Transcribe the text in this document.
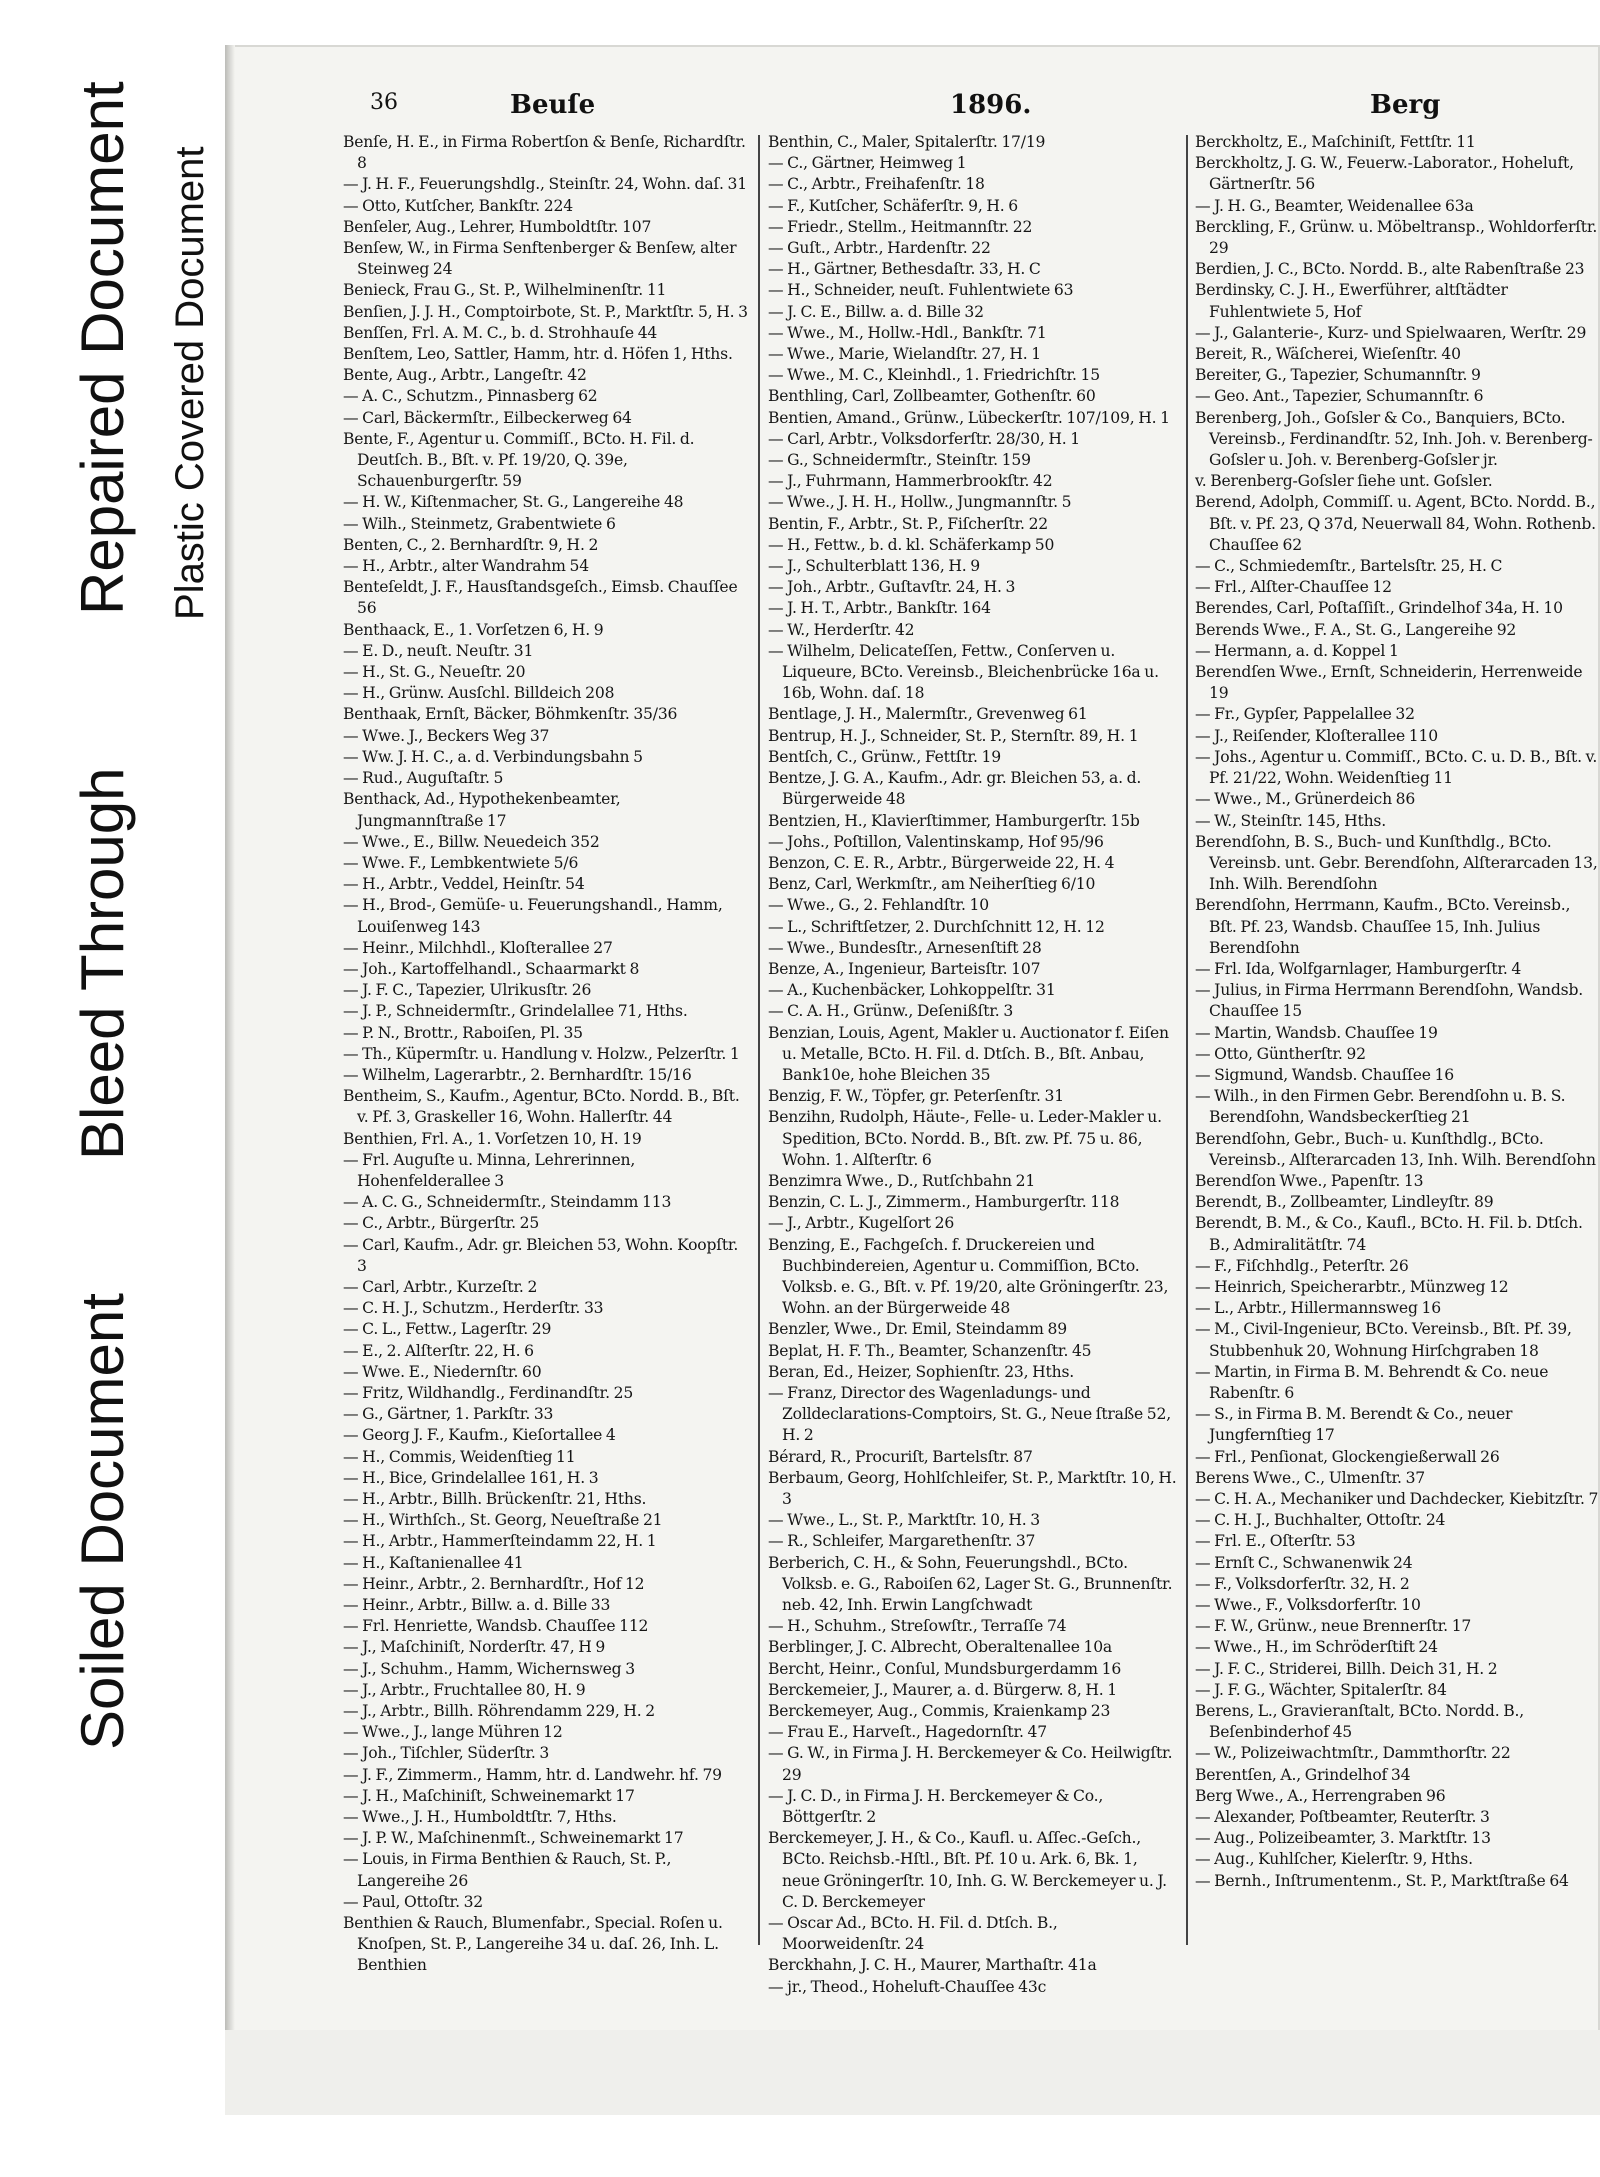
Repaired Document Plastic Covered Document
Bleed Through
Soiled Document
36	Beuſe	1896.	Berg
Benſe, H. E., in Firma Robertſon & Benſe, Richardſtr. 8
— J. H. F., Feuerungshdlg., Steinſtr. 24, Wohn. daſ. 31
— Otto, Kutſcher, Bankſtr. 224
Benſeler, Aug., Lehrer, Humboldtſtr. 107
Benſew, W., in Firma Senftenberger & Benſew, alter Steinweg 24
Benieck, Frau G., St. P., Wilhelminenſtr. 11
Benſien, J. J. H., Comptoirbote, St. P., Marktſtr. 5, H. 3
Benſſen, Frl. A. M. C., b. d. Strohhauſe 44
Benſtem, Leo, Sattler, Hamm, htr. d. Höfen 1, Hths.
Bente, Aug., Arbtr., Langeſtr. 42
— A. C., Schutzm., Pinnasberg 62
— Carl, Bäckermſtr., Eilbeckerweg 64
Bente, F., Agentur u. Commiſſ., BCto. H. Fil. d. Deutſch. B., Bſt. v. Pf. 19/20, Q. 39e, Schauenburgerſtr. 59
— H. W., Kiſtenmacher, St. G., Langereihe 48
— Wilh., Steinmetz, Grabentwiete 6
Benten, C., 2. Bernhardſtr. 9, H. 2
— H., Arbtr., alter Wandrahm 54
Benteſeldt, J. F., Hausſtandsgeſch., Eimsb. Chauſſee 56
Benthaack, E., 1. Vorſetzen 6, H. 9
— E. D., neuſt. Neuſtr. 31
— H., St. G., Neueſtr. 20
— H., Grünw. Ausſchl. Billdeich 208
Benthaak, Ernſt, Bäcker, Böhmkenſtr. 35/36
— Wwe. J., Beckers Weg 37
— Ww. J. H. C., a. d. Verbindungsbahn 5
— Rud., Auguſtaſtr. 5
Benthack, Ad., Hypothekenbeamter, Jungmannſtraße 17
— Wwe., E., Billw. Neuedeich 352
— Wwe. F., Lembkentwiete 5/6
— H., Arbtr., Veddel, Heinſtr. 54
— H., Brod-, Gemüſe- u. Feuerungshandl., Hamm, Louiſenweg 143
— Heinr., Milchhdl., Kloſterallee 27
— Joh., Kartoffelhandl., Schaarmarkt 8
— J. F. C., Tapezier, Ulrikusſtr. 26
— J. P., Schneidermſtr., Grindelallee 71, Hths.
— P. N., Brottr., Raboiſen, Pl. 35
— Th., Küpermſtr. u. Handlung v. Holzw., Pelzerſtr. 1
— Wilhelm, Lagerarbtr., 2. Bernhardſtr. 15/16
Bentheim, S., Kaufm., Agentur, BCto. Nordd. B., Bſt. v. Pf. 3, Graskeller 16, Wohn. Hallerſtr. 44
Benthien, Frl. A., 1. Vorſetzen 10, H. 19
— Frl. Auguſte u. Minna, Lehrerinnen, Hohenfelderallee 3
— A. C. G., Schneidermſtr., Steindamm 113
— C., Arbtr., Bürgerſtr. 25
— Carl, Kaufm., Adr. gr. Bleichen 53, Wohn. Koopſtr. 3
— Carl, Arbtr., Kurzeſtr. 2
— C. H. J., Schutzm., Herderſtr. 33
— C. L., Fettw., Lagerſtr. 29
— E., 2. Alſterſtr. 22, H. 6
— Wwe. E., Niedernſtr. 60
— Fritz, Wildhandlg., Ferdinandſtr. 25
— G., Gärtner, 1. Parkſtr. 33
— Georg J. F., Kaufm., Kieſortallee 4
— H., Commis, Weidenſtieg 11
— H., Bice, Grindelallee 161, H. 3
— H., Arbtr., Billh. Brückenſtr. 21, Hths.
— H., Wirthſch., St. Georg, Neueſtraße 21
— H., Arbtr., Hammerſteindamm 22, H. 1
— H., Kaſtanienallee 41
— Heinr., Arbtr., 2. Bernhardſtr., Hof 12
— Heinr., Arbtr., Billw. a. d. Bille 33
— Frl. Henriette, Wandsb. Chauſſee 112
— J., Maſchiniſt, Norderſtr. 47, H 9
— J., Schuhm., Hamm, Wichernsweg 3
— J., Arbtr., Fruchtallee 80, H. 9
— J., Arbtr., Billh. Röhrendamm 229, H. 2
— Wwe., J., lange Mühren 12
— Joh., Tiſchler, Süderſtr. 3
— J. F., Zimmerm., Hamm, htr. d. Landwehr. hf. 79
— J. H., Maſchiniſt, Schweinemarkt 17
— Wwe., J. H., Humboldtſtr. 7, Hths.
— J. P. W., Maſchinenmſt., Schweinemarkt 17
— Louis, in Firma Benthien & Rauch, St. P., Langereihe 26
— Paul, Ottoſtr. 32
Benthien & Rauch, Blumenfabr., Special. Roſen u. Knoſpen, St. P., Langereihe 34 u. daſ. 26, Inh. L. Benthien
Benthin, C., Maler, Spitalerſtr. 17/19
— C., Gärtner, Heimweg 1
— C., Arbtr., Freihafenſtr. 18
— F., Kutſcher, Schäferſtr. 9, H. 6
— Friedr., Stellm., Heitmannſtr. 22
— Guſt., Arbtr., Hardenſtr. 22
— H., Gärtner, Bethesdaſtr. 33, H. C
— H., Schneider, neuſt. Fuhlentwiete 63
— J. C. E., Billw. a. d. Bille 32
— Wwe., M., Hollw.-Hdl., Bankſtr. 71
— Wwe., Marie, Wielandſtr. 27, H. 1
— Wwe., M. C., Kleinhdl., 1. Friedrichſtr. 15
Benthling, Carl, Zollbeamter, Gothenſtr. 60
Bentien, Amand., Grünw., Lübeckerſtr. 107/109, H. 1
— Carl, Arbtr., Volksdorferſtr. 28/30, H. 1
— G., Schneidermſtr., Steinſtr. 159
— J., Fuhrmann, Hammerbrookſtr. 42
— Wwe., J. H. H., Hollw., Jungmannſtr. 5
Bentin, F., Arbtr., St. P., Fiſcherſtr. 22
— H., Fettw., b. d. kl. Schäferkamp 50
— J., Schulterblatt 136, H. 9
— Joh., Arbtr., Guſtavſtr. 24, H. 3
— J. H. T., Arbtr., Bankſtr. 164
— W., Herderſtr. 42
— Wilhelm, Delicateſſen, Fettw., Conſerven u. Liqueure, BCto. Vereinsb., Bleichenbrücke 16a u. 16b, Wohn. daſ. 18
Bentlage, J. H., Malermſtr., Grevenweg 61
Bentrup, H. J., Schneider, St. P., Sternſtr. 89, H. 1
Bentſch, C., Grünw., Fettſtr. 19
Bentze, J. G. A., Kaufm., Adr. gr. Bleichen 53, a. d. Bürgerweide 48
Bentzien, H., Klavierſtimmer, Hamburgerſtr. 15b
— Johs., Poſtillon, Valentinskamp, Hof 95/96
Benzon, C. E. R., Arbtr., Bürgerweide 22, H. 4
Benz, Carl, Werkmſtr., am Neiherſtieg 6/10
— Wwe., G., 2. Fehlandſtr. 10
— L., Schriftſetzer, 2. Durchſchnitt 12, H. 12
— Wwe., Bundesſtr., Arnesenſtift 28
Benze, A., Ingenieur, Barteisſtr. 107
— A., Kuchenbäcker, Lohkoppelſtr. 31
— C. A. H., Grünw., Deſenißſtr. 3
Benzian, Louis, Agent, Makler u. Auctionator f. Eiſen u. Metalle, BCto. H. Fil. d. Dtſch. B., Bſt. Anbau, Bank10e, hohe Bleichen 35
Benzig, F. W., Töpfer, gr. Peterſenſtr. 31
Benzihn, Rudolph, Häute-, Felle- u. Leder-Makler u. Spedition, BCto. Nordd. B., Bſt. zw. Pf. 75 u. 86, Wohn. 1. Alſterſtr. 6
Benzimra Wwe., D., Rutſchbahn 21
Benzin, C. L. J., Zimmerm., Hamburgerſtr. 118
— J., Arbtr., Kugelſort 26
Benzing, E., Fachgeſch. f. Druckereien und Buchbindereien, Agentur u. Commiſſion, BCto. Volksb. e. G., Bſt. v. Pf. 19/20, alte Gröningerſtr. 23, Wohn. an der Bürgerweide 48
Benzler, Wwe., Dr. Emil, Steindamm 89
Beplat, H. F. Th., Beamter, Schanzenſtr. 45
Beran, Ed., Heizer, Sophienſtr. 23, Hths.
— Franz, Director des Wagenladungs- und Zolldeclarations-Comptoirs, St. G., Neue ſtraße 52, H. 2
Bérard, R., Procuriſt, Bartelsſtr. 87
Berbaum, Georg, Hohlſchleifer, St. P., Marktſtr. 10, H. 3
— Wwe., L., St. P., Marktſtr. 10, H. 3
— R., Schleifer, Margarethenſtr. 37
Berberich, C. H., & Sohn, Feuerungshdl., BCto. Volksb. e. G., Raboiſen 62, Lager St. G., Brunnenſtr. neb. 42, Inh. Erwin Langſchwadt
— H., Schuhm., Streſowſtr., Terraſſe 74
Berblinger, J. C. Albrecht, Oberaltenallee 10a
Bercht, Heinr., Conſul, Mundsburgerdamm 16
Berckemeier, J., Maurer, a. d. Bürgerw. 8, H. 1
Berckemeyer, Aug., Commis, Kraienkamp 23
— Frau E., Harveſt., Hagedornſtr. 47
— G. W., in Firma J. H. Berckemeyer & Co. Heilwigſtr. 29
— J. C. D., in Firma J. H. Berckemeyer & Co., Böttgerſtr. 2
Berckemeyer, J. H., & Co., Kaufl. u. Aſſec.-Geſch., BCto. Reichsb.-Hſtl., Bſt. Pf. 10 u. Ark. 6, Bk. 1, neue Gröningerſtr. 10, Inh. G. W. Berckemeyer u. J. C. D. Berckemeyer
— Oscar Ad., BCto. H. Fil. d. Dtſch. B., Moorweidenſtr. 24
Berckhahn, J. C. H., Maurer, Marthaſtr. 41a
— jr., Theod., Hoheluft-Chauſſee 43c
Berckholtz, E., Maſchiniſt, Fettſtr. 11
Berckholtz, J. G. W., Feuerw.-Laborator., Hoheluft, Gärtnerſtr. 56
— J. H. G., Beamter, Weidenallee 63a
Berckling, F., Grünw. u. Möbeltransp., Wohldorferſtr. 29
Berdien, J. C., BCto. Nordd. B., alte Rabenſtraße 23
Berdinsky, C. J. H., Ewerführer, altſtädter Fuhlentwiete 5, Hof
— J., Galanterie-, Kurz- und Spielwaaren, Werſtr. 29
Bereit, R., Wäſcherei, Wieſenſtr. 40
Bereiter, G., Tapezier, Schumannſtr. 9
— Geo. Ant., Tapezier, Schumannſtr. 6
Berenberg, Joh., Goſsler & Co., Banquiers, BCto. Vereinsb., Ferdinandſtr. 52, Inh. Joh. v. Berenberg-Goſsler u. Joh. v. Berenberg-Goſsler jr.
v. Berenberg-Goſsler ſiehe unt. Goſsler.
Berend, Adolph, Commiſſ. u. Agent, BCto. Nordd. B., Bſt. v. Pf. 23, Q 37d, Neuerwall 84, Wohn. Rothenb. Chauſſee 62
— C., Schmiedemſtr., Bartelsſtr. 25, H. C
— Frl., Alſter-Chauſſee 12
Berendes, Carl, Poſtaſſiſt., Grindelhof 34a, H. 10
Berends Wwe., F. A., St. G., Langereihe 92
— Hermann, a. d. Koppel 1
Berendſen Wwe., Ernſt, Schneiderin, Herrenweide 19
— Fr., Gypſer, Pappelallee 32
— J., Reiſender, Kloſterallee 110
— Johs., Agentur u. Commiſſ., BCto. C. u. D. B., Bſt. v. Pf. 21/22, Wohn. Weidenſtieg 11
— Wwe., M., Grünerdeich 86
— W., Steinſtr. 145, Hths.
Berendſohn, B. S., Buch- und Kunſthdlg., BCto. Vereinsb. unt. Gebr. Berendſohn, Alſterarcaden 13, Inh. Wilh. Berendſohn
Berendſohn, Herrmann, Kaufm., BCto. Vereinsb., Bſt. Pf. 23, Wandsb. Chauſſee 15, Inh. Julius Berendſohn
— Frl. Ida, Wolfgarnlager, Hamburgerſtr. 4
— Julius, in Firma Herrmann Berendſohn, Wandsb. Chauſſee 15
— Martin, Wandsb. Chauſſee 19
— Otto, Güntherſtr. 92
— Sigmund, Wandsb. Chauſſee 16
— Wilh., in den Firmen Gebr. Berendſohn u. B. S. Berendſohn, Wandsbeckerſtieg 21
Berendſohn, Gebr., Buch- u. Kunſthdlg., BCto. Vereinsb., Alſterarcaden 13, Inh. Wilh. Berendſohn
Berendſon Wwe., Papenſtr. 13
Berendt, B., Zollbeamter, Lindleyſtr. 89
Berendt, B. M., & Co., Kaufl., BCto. H. Fil. b. Dtſch. B., Admiralitätſtr. 74
— F., Fiſchhdlg., Peterſtr. 26
— Heinrich, Speicherarbtr., Münzweg 12
— L., Arbtr., Hillermannsweg 16
— M., Civil-Ingenieur, BCto. Vereinsb., Bſt. Pf. 39, Stubbenhuk 20, Wohnung Hirſchgraben 18
— Martin, in Firma B. M. Behrendt & Co. neue Rabenſtr. 6
— S., in Firma B. M. Berendt & Co., neuer Jungfernſtieg 17
— Frl., Penſionat, Glockengießerwall 26
Berens Wwe., C., Ulmenſtr. 37
— C. H. A., Mechaniker und Dachdecker, Kiebitzſtr. 7
— C. H. J., Buchhalter, Ottoſtr. 24
— Frl. E., Oſterſtr. 53
— Ernſt C., Schwanenwik 24
— F., Volksdorferſtr. 32, H. 2
— Wwe., F., Volksdorferſtr. 10
— F. W., Grünw., neue Brennerſtr. 17
— Wwe., H., im Schröderſtift 24
— J. F. C., Striderei, Billh. Deich 31, H. 2
— J. F. G., Wächter, Spitalerſtr. 84
Berens, L., Gravieranſtalt, BCto. Nordd. B., Beſenbinderhof 45
— W., Polizeiwachtmſtr., Dammthorſtr. 22
Berentſen, A., Grindelhof 34
Berg Wwe., A., Herrengraben 96
— Alexander, Poſtbeamter, Reuterſtr. 3
— Aug., Polizeibeamter, 3. Marktſtr. 13
— Aug., Kuhlſcher, Kielerſtr. 9, Hths.
— Bernh., Inſtrumentenm., St. P., Marktſtraße 64
